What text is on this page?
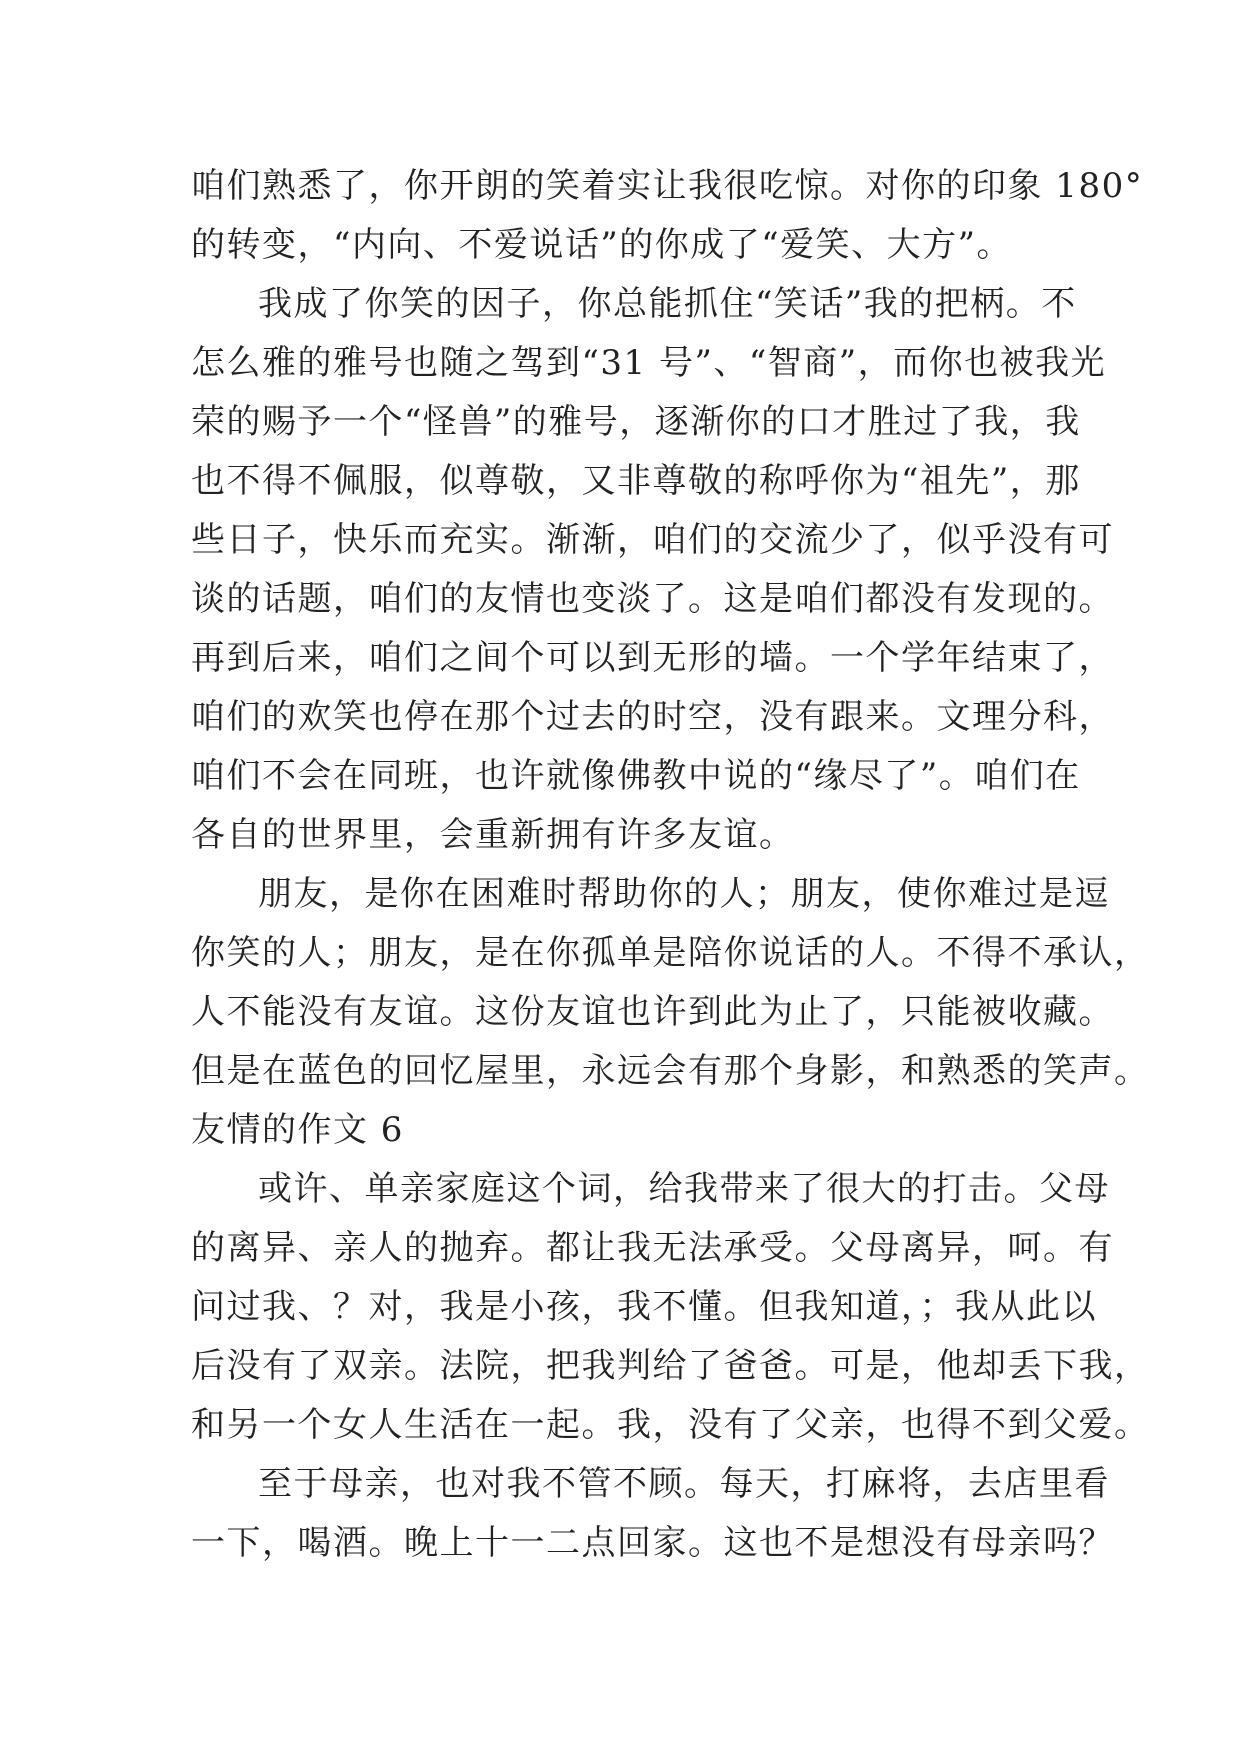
咱们熟悉了，你开朗的笑着实让我很吃惊。对你的印象 180°
的转变，“内向、不爱说话”的你成了“爱笑、大方”。
我成了你笑的因子，你总能抓住“笑话”我的把柄。不
怎么雅的雅号也随之驾到“31 号”、“智商”，而你也被我光
荣的赐予一个“怪兽”的雅号，逐渐你的口才胜过了我，我
也不得不佩服，似尊敬，又非尊敬的称呼你为“祖先”，那
些日子，快乐而充实。渐渐，咱们的交流少了，似乎没有可
谈的话题，咱们的友情也变淡了。这是咱们都没有发现的。
再到后来，咱们之间个可以到无形的墙。一个学年结束了，
咱们的欢笑也停在那个过去的时空，没有跟来。文理分科，
咱们不会在同班，也许就像佛教中说的“缘尽了”。咱们在
各自的世界里，会重新拥有许多友谊。
朋友，是你在困难时帮助你的人；朋友，使你难过是逗
你笑的人；朋友，是在你孤单是陪你说话的人。不得不承认，
人不能没有友谊。这份友谊也许到此为止了，只能被收藏。
但是在蓝色的回忆屋里，永远会有那个身影，和熟悉的笑声。
友情的作文 6
或许、单亲家庭这个词，给我带来了很大的打击。父母
的离异、亲人的抛弃。都让我无法承受。父母离异，呵。有
问过我、？对，我是小孩，我不懂。但我知道，；我从此以
后没有了双亲。法院，把我判给了爸爸。可是，他却丢下我，
和另一个女人生活在一起。我，没有了父亲，也得不到父爱。
至于母亲，也对我不管不顾。每天，打麻将，去店里看
一下，喝酒。晚上十一二点回家。这也不是想没有母亲吗？
